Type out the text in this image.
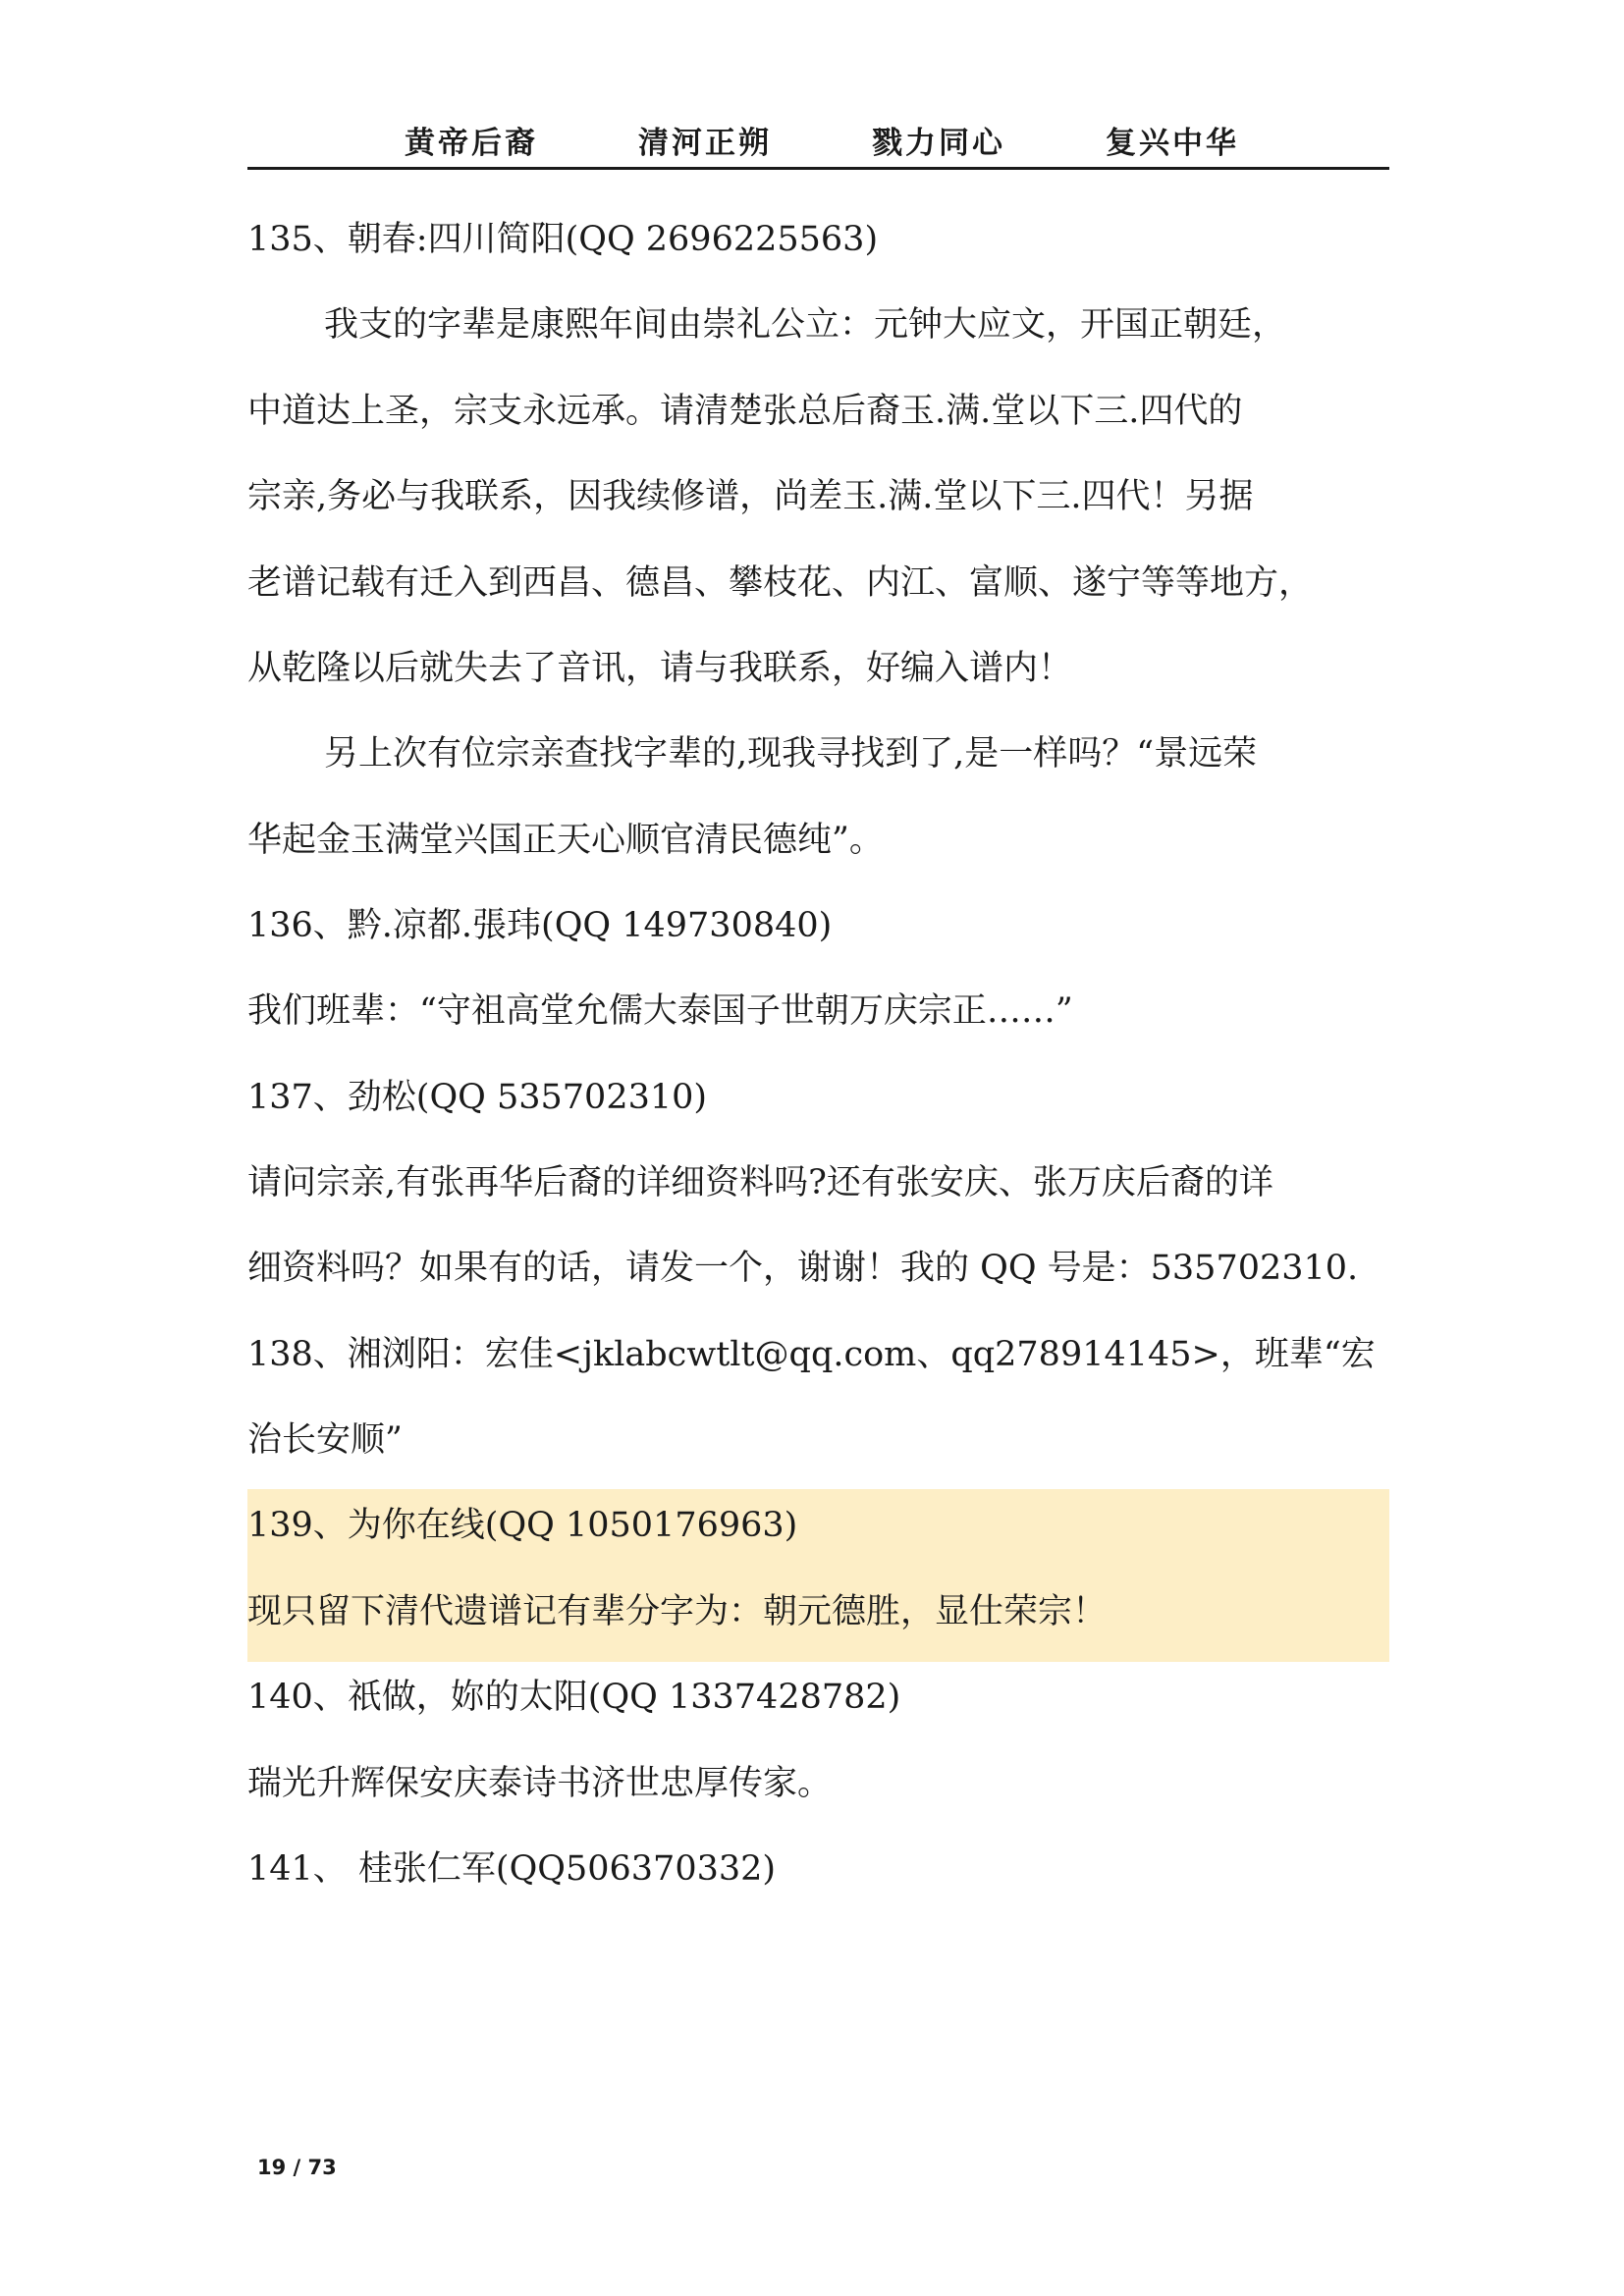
黄帝后裔	清河正朔	戮力同心	复兴中华
135、朝春:四川简阳(QQ 2696225563)
我支的字辈是康熙年间由崇礼公立：元钟大应文，开国正朝廷，
中道达上圣，宗支永远承。请清楚张总后裔玉.满.堂以下三.四代的
宗亲,务必与我联系，因我续修谱，尚差玉.满.堂以下三.四代！另据
老谱记载有迁入到西昌、德昌、攀枝花、内江、富顺、遂宁等等地方，
从乾隆以后就失去了音讯，请与我联系，好编入谱内！
另上次有位宗亲查找字辈的,现我寻找到了,是一样吗？“景远荣
华起金玉满堂兴国正天心顺官清民德纯”。
136、黔.凉都.張玮(QQ 149730840)
我们班辈：“守祖高堂允儒大泰国子世朝万庆宗正……”
137、劲松(QQ 535702310)
请问宗亲,有张再华后裔的详细资料吗?还有张安庆、张万庆后裔的详
细资料吗？如果有的话，请发一个，谢谢！我的 QQ 号是：535702310.
138、湘浏阳：宏佳<jklabcwtlt@qq.com、qq278914145>，班辈“宏
治长安顺”
139、为你在线(QQ 1050176963)
现只留下清代遗谱记有辈分字为：朝元德胜，显仕荣宗！
140、祇做，妳的太阳(QQ 1337428782)
瑞光升辉保安庆泰诗书济世忠厚传家。
141、 桂张仁军(QQ506370332)
19 / 73
